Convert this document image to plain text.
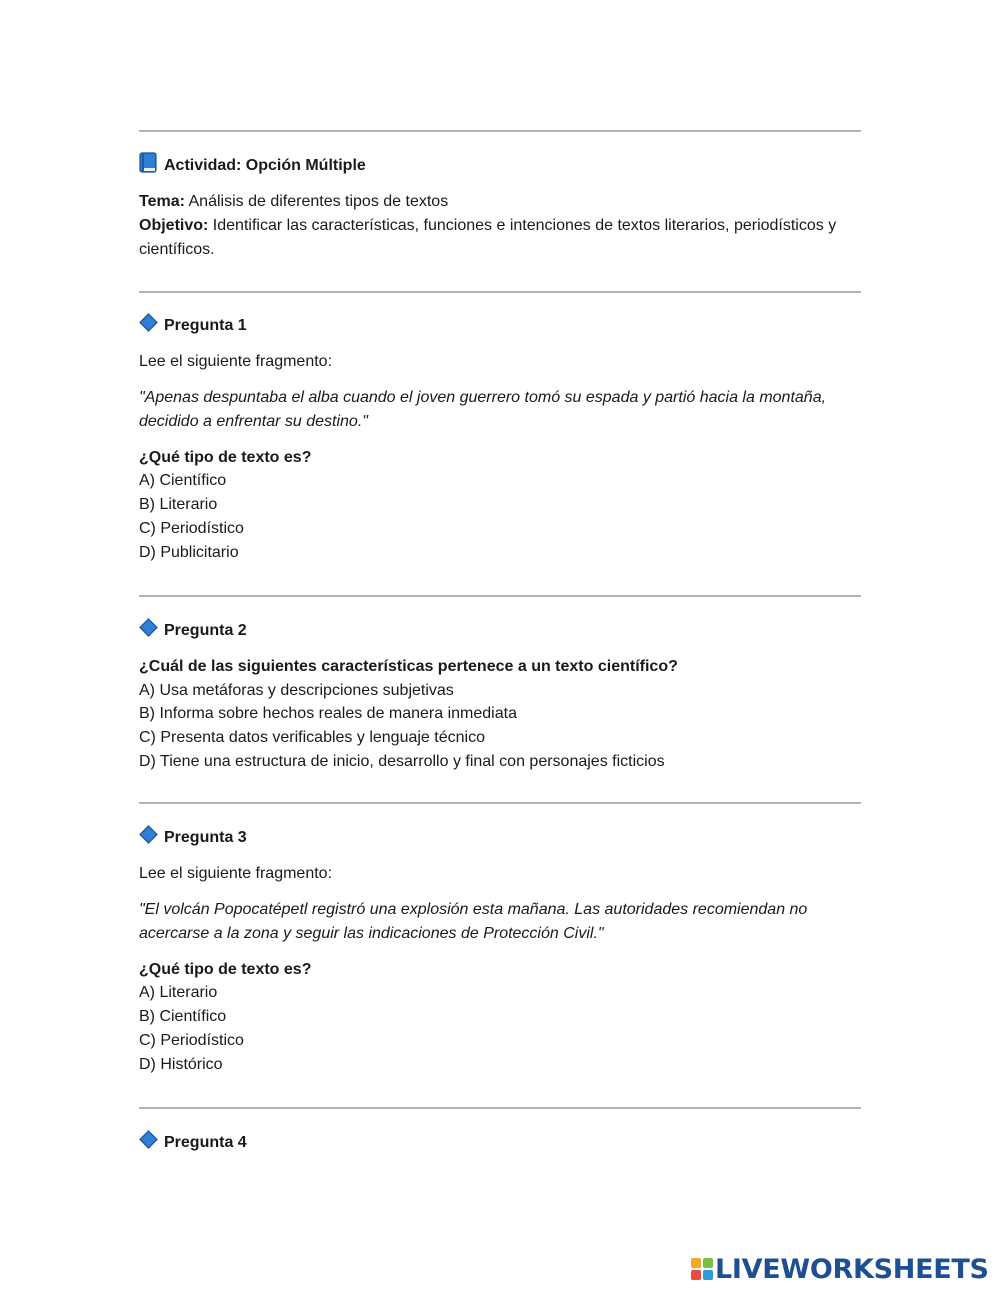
Actividad: Opción Múltiple
Tema: Análisis de diferentes tipos de textos
Objetivo: Identificar las características, funciones e intenciones de textos literarios, periodísticos y científicos.
Pregunta 1
Lee el siguiente fragmento:
"Apenas despuntaba el alba cuando el joven guerrero tomó su espada y partió hacia la montaña, decidido a enfrentar su destino."
¿Qué tipo de texto es?
A) Científico
B) Literario
C) Periodístico
D) Publicitario
Pregunta 2
¿Cuál de las siguientes características pertenece a un texto científico?
A) Usa metáforas y descripciones subjetivas
B) Informa sobre hechos reales de manera inmediata
C) Presenta datos verificables y lenguaje técnico
D) Tiene una estructura de inicio, desarrollo y final con personajes ficticios
Pregunta 3
Lee el siguiente fragmento:
"El volcán Popocatépetl registró una explosión esta mañana. Las autoridades recomiendan no acercarse a la zona y seguir las indicaciones de Protección Civil."
¿Qué tipo de texto es?
A) Literario
B) Científico
C) Periodístico
D) Histórico
Pregunta 4
LIVEWORKSHEETS
